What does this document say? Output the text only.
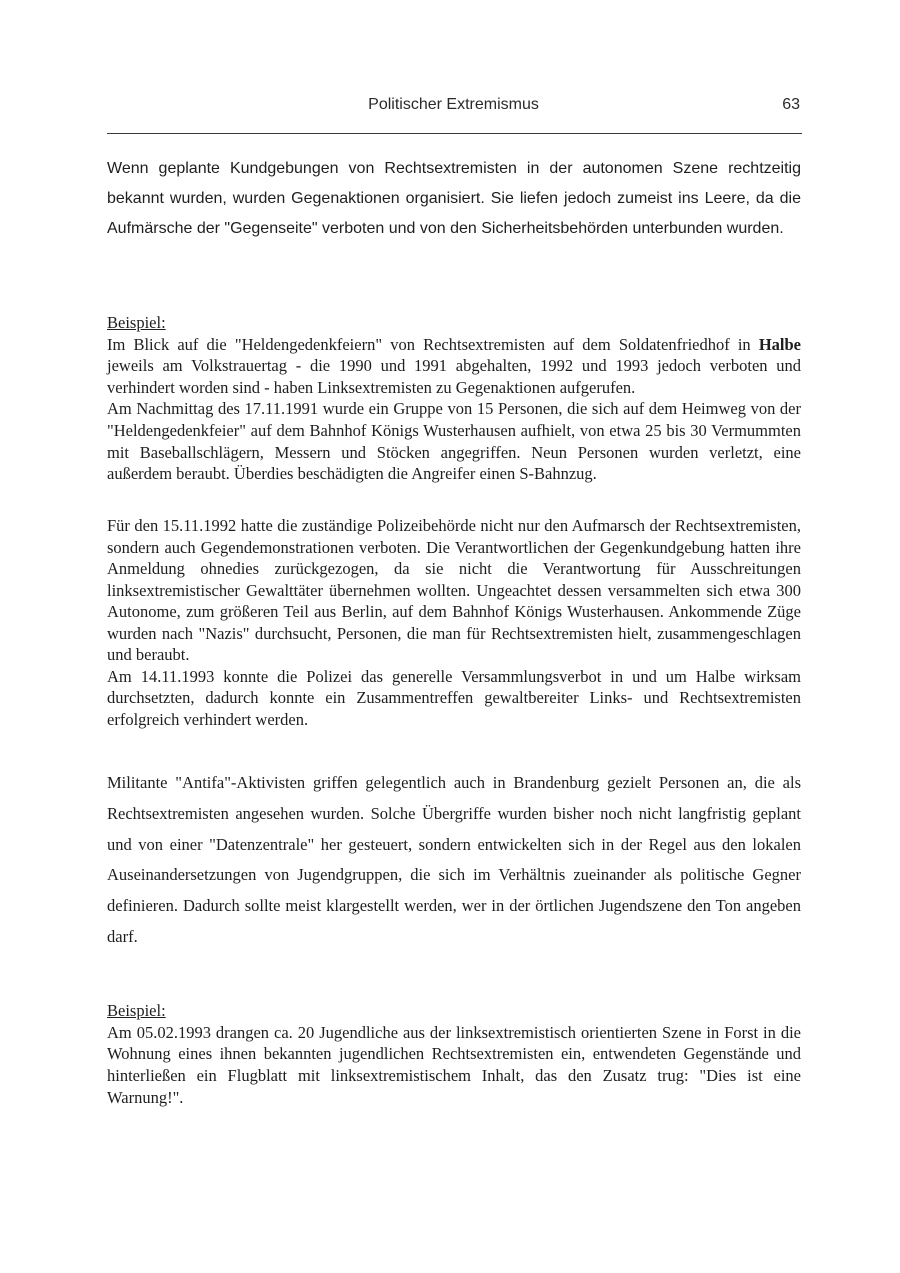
Politischer Extremismus	63

Wenn geplante Kundgebungen von Rechtsextremisten in der autonomen Szene rechtzeitig bekannt wurden, wurden Gegenaktionen organisiert. Sie liefen jedoch zumeist ins Leere, da die Aufmärsche der "Gegenseite" verboten und von den Sicherheitsbehörden unterbunden wurden.

Beispiel:

Im Blick auf die "Heldengedenkfeiern" von Rechtsextremisten auf dem Soldatenfriedhof in Halbe jeweils am Volkstrauertag - die 1990 und 1991 abgehalten, 1992 und 1993 jedoch verboten und verhindert worden sind - haben Linksextremisten zu Gegenaktionen aufgerufen.

Am Nachmittag des 17.11.1991 wurde ein Gruppe von 15 Personen, die sich auf dem Heimweg von der "Heldengedenkfeier" auf dem Bahnhof Königs Wusterhausen aufhielt, von etwa 25 bis 30 Vermummten mit Baseballschlägern, Messern und Stöcken angegriffen. Neun Personen wurden verletzt, eine außerdem beraubt. Überdies beschädigten die Angreifer einen S-Bahnzug.

Für den 15.11.1992 hatte die zuständige Polizeibehörde nicht nur den Aufmarsch der Rechtsextremisten, sondern auch Gegendemonstrationen verboten. Die Verantwortlichen der Gegenkundgebung hatten ihre Anmeldung ohnedies zurückgezogen, da sie nicht die Verantwortung für Ausschreitungen linksextremistischer Gewalttäter übernehmen wollten. Ungeachtet dessen versammelten sich etwa 300 Autonome, zum größeren Teil aus Berlin, auf dem Bahnhof Königs Wusterhausen. Ankommende Züge wurden nach "Nazis" durchsucht, Personen, die man für Rechtsextremisten hielt, zusammengeschlagen und beraubt.

Am 14.11.1993 konnte die Polizei das generelle Versammlungsverbot in und um Halbe wirksam durchsetzten, dadurch konnte ein Zusammentreffen gewaltbereiter Links- und Rechtsextremisten erfolgreich verhindert werden.

Militante "Antifa"-Aktivisten griffen gelegentlich auch in Brandenburg gezielt Personen an, die als Rechtsextremisten angesehen wurden. Solche Übergriffe wurden bisher noch nicht langfristig geplant und von einer "Datenzentrale" her gesteuert, sondern entwickelten sich in der Regel aus den lokalen Auseinandersetzungen von Jugendgruppen, die sich im Verhältnis zueinander als politische Gegner definieren. Dadurch sollte meist klargestellt werden, wer in der örtlichen Jugendszene den Ton angeben darf.

Beispiel:

Am 05.02.1993 drangen ca. 20 Jugendliche aus der linksextremistisch orientierten Szene in Forst in die Wohnung eines ihnen bekannten jugendlichen Rechtsextremisten ein, entwendeten Gegenstände und hinterließen ein Flugblatt mit linksextremistischem Inhalt, das den Zusatz trug: "Dies ist eine Warnung!".
